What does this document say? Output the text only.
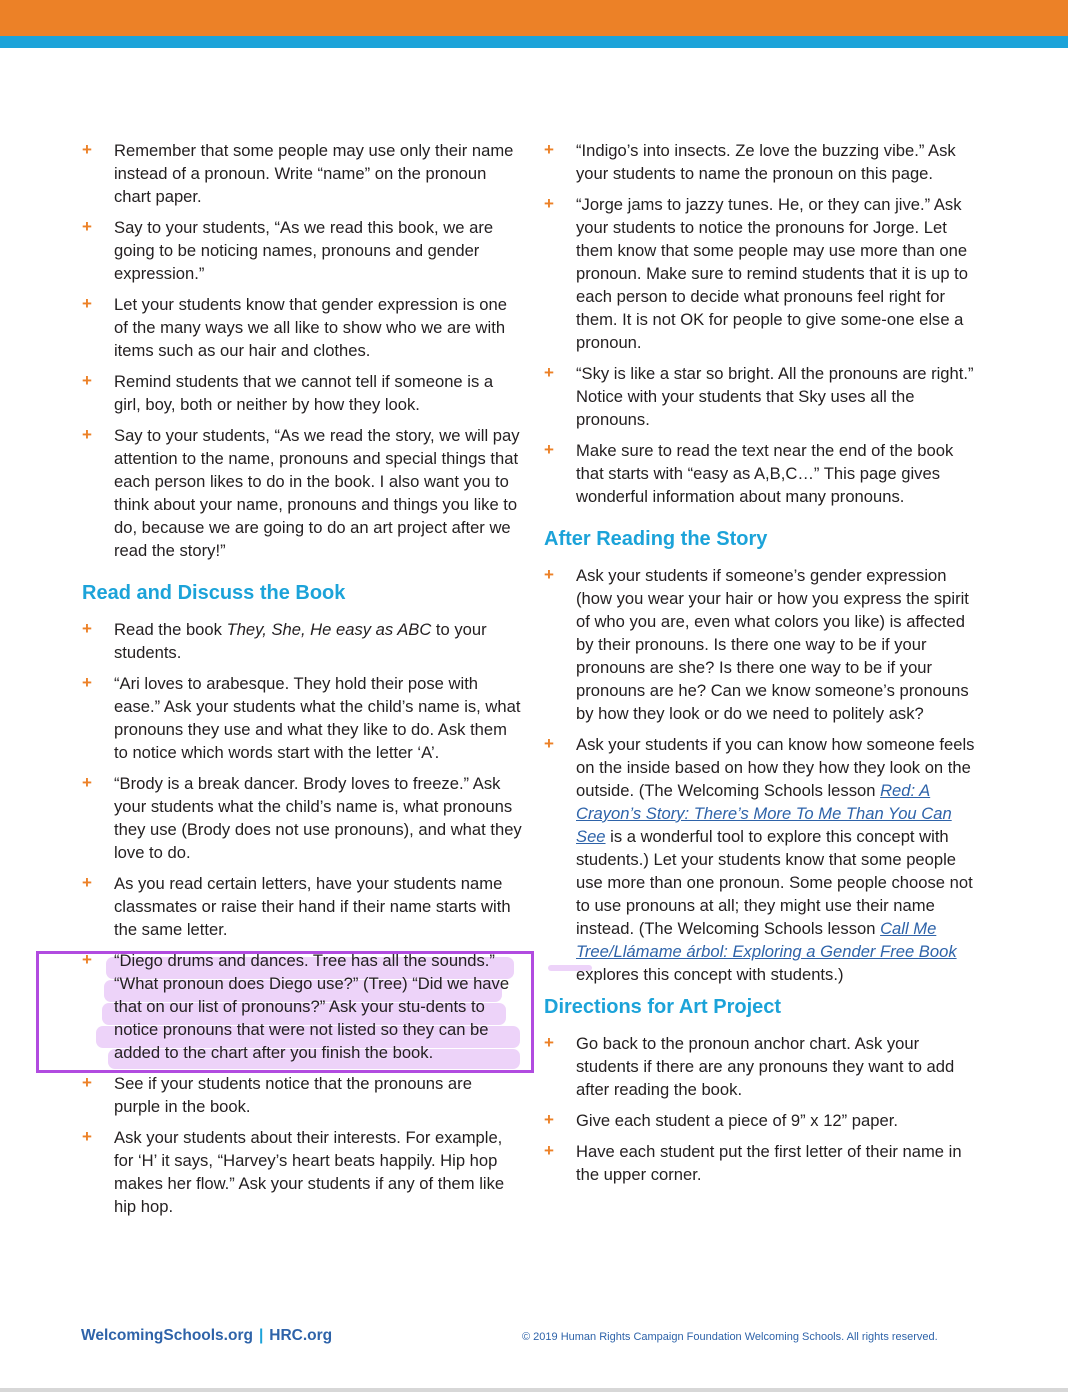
+ Remember that some people may use only their name instead of a pronoun. Write “name” on the pronoun chart paper.
+ Say to your students, “As we read this book, we are going to be noticing names, pronouns and gender expression.”
+ Let your students know that gender expression is one of the many ways we all like to show who we are with items such as our hair and clothes.
+ Remind students that we cannot tell if someone is a girl, boy, both or neither by how they look.
+ Say to your students, “As we read the story, we will pay attention to the name, pronouns and special things that each person likes to do in the book. I also want you to think about your name, pronouns and things you like to do, because we are going to do an art project after we read the story!”
Read and Discuss the Book
+ Read the book They, She, He easy as ABC to your students.
+ “Ari loves to arabesque. They hold their pose with ease.” Ask your students what the child’s name is, what pronouns they use and what they like to do. Ask them to notice which words start with the letter ‘A’.
+ “Brody is a break dancer. Brody loves to freeze.” Ask your students what the child’s name is, what pronouns they use (Brody does not use pronouns), and what they love to do.
+ As you read certain letters, have your students name classmates or raise their hand if their name starts with the same letter.
+ “Diego drums and dances. Tree has all the sounds.” “What pronoun does Diego use?” (Tree) “Did we have that on our list of pronouns?” Ask your stu-dents to notice pronouns that were not listed so they can be added to the chart after you finish the book.
+ See if your students notice that the pronouns are purple in the book.
+ Ask your students about their interests. For example, for ‘H’ it says, “Harvey’s heart beats happily. Hip hop makes her flow.” Ask your students if any of them like hip hop.
+ “Indigo’s into insects. Ze love the buzzing vibe.” Ask your students to name the pronoun on this page.
+ “Jorge jams to jazzy tunes. He, or they can jive.” Ask your students to notice the pronouns for Jorge. Let them know that some people may use more than one pronoun. Make sure to remind students that it is up to each person to decide what pronouns feel right for them. It is not OK for people to give some-one else a pronoun.
+ “Sky is like a star so bright. All the pronouns are right.” Notice with your students that Sky uses all the pronouns.
+ Make sure to read the text near the end of the book that starts with “easy as A,B,C…” This page gives wonderful information about many pronouns.
After Reading the Story
+ Ask your students if someone’s gender expression (how you wear your hair or how you express the spirit of who you are, even what colors you like) is affected by their pronouns. Is there one way to be if your pronouns are she? Is there one way to be if your pronouns are he? Can we know someone’s pronouns by how they look or do we need to politely ask?
+ Ask your students if you can know how someone feels on the inside based on how they how they look on the outside. (The Welcoming Schools lesson Red: A Crayon’s Story: There’s More To Me Than You Can See is a wonderful tool to explore this concept with students.) Let your students know that some people use more than one pronoun. Some people choose not to use pronouns at all; they might use their name instead. (The Welcoming Schools lesson Call Me Tree/Llámame árbol: Exploring a Gender Free Book explores this concept with students.)
Directions for Art Project
+ Go back to the pronoun anchor chart. Ask your students if there are any pronouns they want to add after reading the book.
+ Give each student a piece of 9” x 12” paper.
+ Have each student put the first letter of their name in the upper corner.
WelcomingSchools.org | HRC.org	© 2019 Human Rights Campaign Foundation Welcoming Schools. All rights reserved.
